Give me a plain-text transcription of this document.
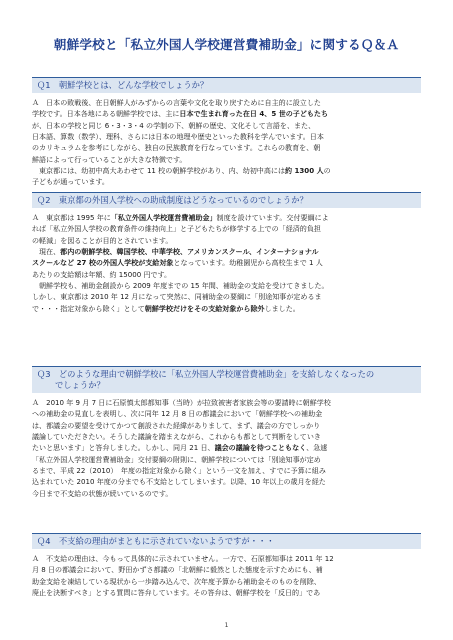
朝鮮学校と「私立外国人学校運営費補助金」に関するＱ＆Ａ
Ｑ1　朝鮮学校とは、どんな学校でしょうか？
Ａ　日本の敗戦後、在日朝鮮人がみずからの言葉や文化を取り戻すために自主的に設立した
学校です。日本各地にある朝鮮学校では、主に日本で生まれ育った在日 4、5 世の子どもたち
が、日本の学校と同じ 6・3・3・4 の学制の下、朝鮮の歴史、文化そして言語を、また、
日本語、算数（数学）、理科、さらには日本の地理や歴史といった教科を学んでいます。日本
のカリキュラムを参考にしながら、独自の民族教育を行なっています。これらの教育を、朝
鮮語によって行っていることが大きな特徴です。
東京都には、幼初中高大あわせて 11 校の朝鮮学校があり、内、幼初中高には約 1300 人の
子どもが通っています。
Ｑ2　東京都の外国人学校への助成制度はどうなっているのでしょうか？
Ａ　東京都は 1995 年に「私立外国人学校運営費補助金」制度を設けています。交付要綱によ
れば「私立外国人学校の教育条件の維持向上」と子どもたちが修学する上での「経済的負担
の軽減」を図ることが目的とされています。
現在、都内の朝鮮学校、韓国学校、中華学校、アメリカンスクール、インターナショナル
スクールなど 27 校の外国人学校が支給対象となっています。幼稚園児から高校生まで 1 人
あたりの支給額は年額、約 15000 円です。
朝鮮学校も、補助金創設から 2009 年度までの 15 年間、補助金の支給を受けてきました。
しかし、東京都は 2010 年 12 月になって突然に、同補助金の要綱に「別途知事が定めるま
で・・・指定対象から除く」として朝鮮学校だけをその支給対象から除外しました。
Ｑ3　どのような理由で朝鮮学校に「私立外国人学校運営費補助金」を支給しなくなったの
でしょうか？
Ａ　2010 年 9 月 7 日に石原慎太郎都知事（当時）が拉致被害者家族会等の要請時に朝鮮学校
への補助金の見直しを表明し、次に同年 12 月 8 日の都議会において「朝鮮学校への補助金
は、都議会の要望を受けてかつて創設された経緯がありまして、まず、議会の方でしっかり
議論していただきたい。そうした議論を踏まえながら、これからも都として判断をしていき
たいと思います」と答弁しました。しかし、同月 21 日、議会の議論を待つこともなく、急遽
「私立外国人学校運営費補助金」交付要綱の附則に、朝鮮学校については「別途知事が定め
るまで、平成 22（2010）　年度の指定対象から除く」という一文を加え、すでに予算に組み
込まれていた 2010 年度の分までも不支給としてしまいます。以降、10 年以上の歳月を経た
今日まで不支給の状態が続いているのです。
Ｑ4　不支給の理由がまともに示されていないようですが・・・
Ａ　不支給の理由は、今もって具体的に示されていません。一方で、石原都知事は 2011 年 12
月 8 日の都議会において、野田かずさ都議の「北朝鮮に毅然とした態度を示すためにも、補
助金支給を凍結している現状から一歩踏み込んで、次年度予算から補助金そのものを削除、
廃止を決断すべき」とする質問に答弁しています。その答弁は、朝鮮学校を「反日的」であ
1
